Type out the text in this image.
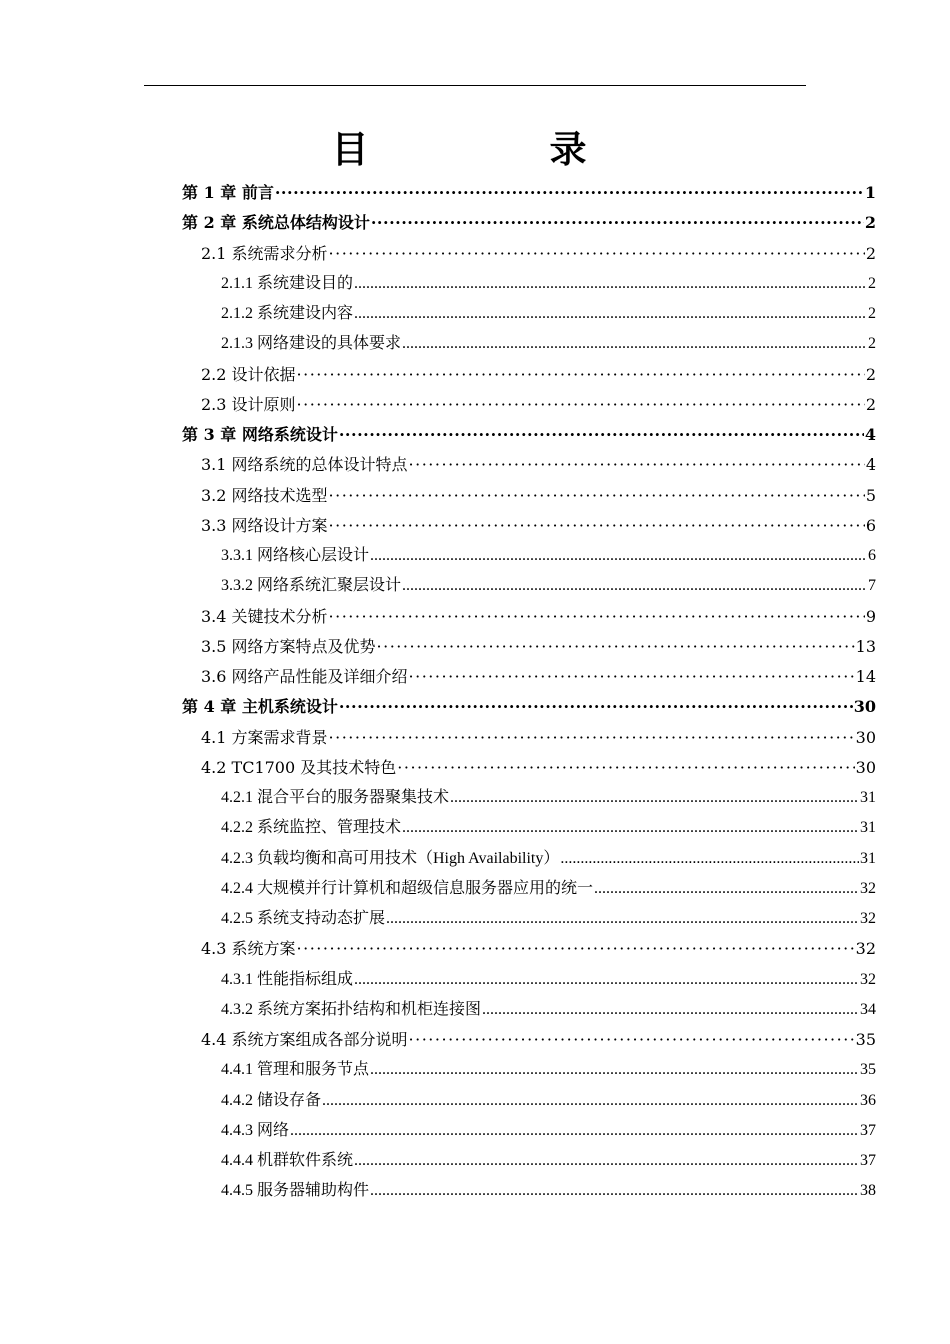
目　录
第 1 章 前言 ·····	1
第 2 章 系统总体结构设计 ·····	2
2.1 系统需求分析 ·····	2
2.1.1 系统建设目的 .....	2
2.1.2 系统建设内容 .....	2
2.1.3 网络建设的具体要求 .....	2
2.2 设计依据 ·····	2
2.3 设计原则 ·····	2
第 3 章 网络系统设计 ·····	4
3.1 网络系统的总体设计特点 ·····	4
3.2 网络技术选型 ·····	5
3.3 网络设计方案 ·····	6
3.3.1 网络核心层设计 .....	6
3.3.2 网络系统汇聚层设计 .....	7
3.4 关键技术分析 ·····	9
3.5 网络方案特点及优势 ·····	13
3.6 网络产品性能及详细介绍 ·····	14
第 4 章 主机系统设计 ·····	30
4.1 方案需求背景 ·····	30
4.2 TC1700 及其技术特色 ·····	30
4.2.1 混合平台的服务器聚集技术 .....	31
4.2.2 系统监控、管理技术 .....	31
4.2.3 负载均衡和高可用技术（High Availability） .....	31
4.2.4 大规模并行计算机和超级信息服务器应用的统一 .....	32
4.2.5 系统支持动态扩展 .....	32
4.3 系统方案 ·····	32
4.3.1 性能指标组成 .....	32
4.3.2 系统方案拓扑结构和机柜连接图 .....	34
4.4 系统方案组成各部分说明 ·····	35
4.4.1 管理和服务节点 .....	35
4.4.2 储设存备 .....	36
4.4.3 网络 .....	37
4.4.4 机群软件系统 .....	37
4.4.5 服务器辅助构件 .....	38
